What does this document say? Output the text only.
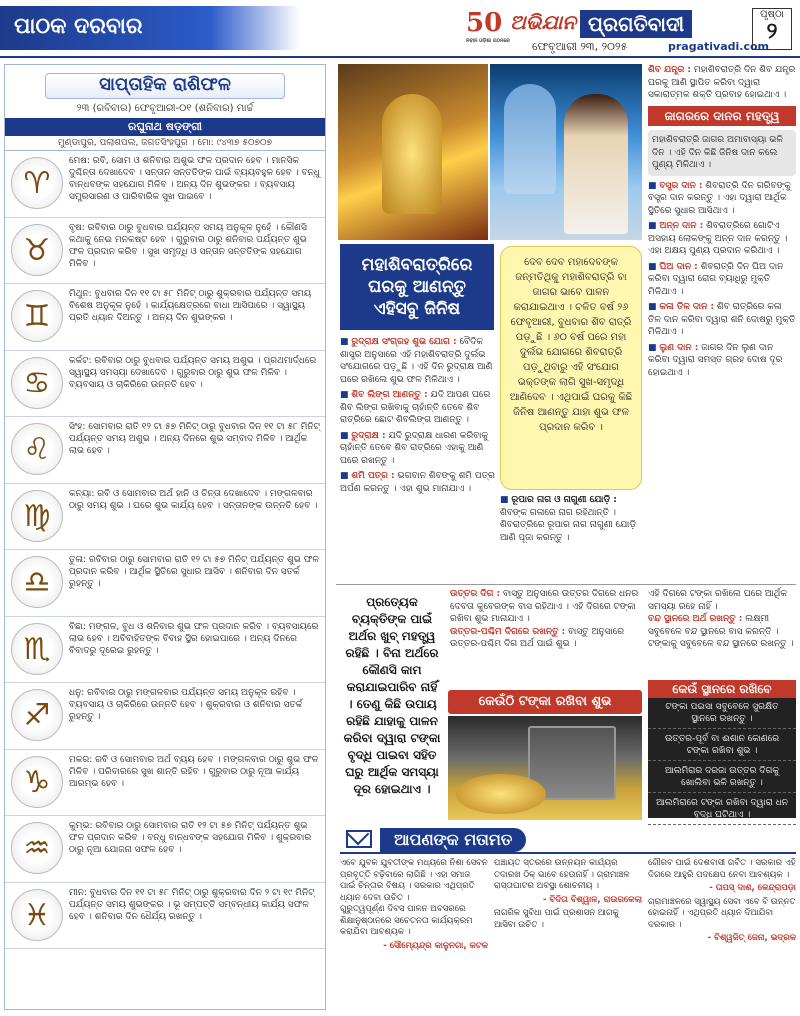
ପାଠକ ଦରବାର	50
ନବୀନ ଓଡ଼ିଶା ଗଠନରେ
ଅଭିଯାନ ପ୍ରଗତିବାଦୀ
ଫେବୃଆରୀ ୨୩, ୨୦୨୫	pragativadi.com
ପୃଷ୍ଠା
୨
ସାପ୍ତାହିକ ରାଶିଫଳ
୨୩ (ରବିବାର) ଫେବୃଆରୀ-୦୧ (ଶନିବାର) ମାର୍ଚ୍ଚ
ରଘୁନାଥ ଷଡ଼ଙ୍ଗୀ
ମୁଣ୍ଡାପୁର, ପଲାଶପଲ, ଜଗତସିଂହପୁର । ମୋ: ୯୪୩୭ ୫୦୭୦୭
♈
ମେଷ: ରବି, ସୋମ ଓ ଶନିବାର ଅଶୁଭ ଫଳ ପ୍ରଦାନ ହେବ । ମାନସିକ ଦୁଶ୍ଚିନ୍ତା ଦେଖାଦେବ । ସନ୍ତାନ ସନ୍ତତିଙ୍କ ପାଇଁ ବ୍ୟୟବହୁଳ ହେବ । ବନ୍ଧୁ ବାନ୍ଧବଙ୍କ ସହଯୋଗ ମିଳିବ । ଅନ୍ୟ ଦିନ ଶୁଭଙ୍କର । ବ୍ୟବସାୟ ସମ୍ପ୍ରସାରଣ ଓ ପାରିବାରିକ ସୁଖ ପାଇବେ ।
♉
ବୃଷ: ରବିବାର ଠାରୁ ବୁଧବାର ପର୍ଯ୍ୟନ୍ତ ସମୟ ଅନୁକୂଳ ନୁହେଁ । କୌଣସି କଥାକୁ ନେଇ ମନକଷ୍ଟ ହେବ । ଗୁରୁବାର ଠାରୁ ଶନିବାର ପର୍ଯ୍ୟନ୍ତ ଶୁଭ ଫଳ ପ୍ରଦାନ କରିବ । ସୁଖ ସମୃଦ୍ଧି ଓ ସନ୍ତାନ ସନ୍ତତିଙ୍କ ସହଯୋଗ ମିଳିବ ।
♊
ମିଥୁନ: ବୁଧବାର ଦିନ ୧୧ ଟା ୫୮ ମିନିଟ୍ ଠାରୁ ଶୁକ୍ରବାର ପର୍ଯ୍ୟନ୍ତ ସମୟ ବିଶେଷ ଅନୁକୂଳ ନୁହେଁ । କାର୍ଯ୍ୟକ୍ଷେତ୍ରରେ ବାଧା ଆସିପାରେ । ସ୍ୱାସ୍ଥ୍ୟ ପ୍ରତି ଧ୍ୟାନ ଦିଅନ୍ତୁ । ଅନ୍ୟ ଦିନ ଶୁଭଙ୍କର ।
♋
କର୍କଟ: ରବିବାର ଠାରୁ ବୁଧବାର ପର୍ଯ୍ୟନ୍ତ ସମୟ ଅଶୁଭ । ପ୍ରଥମାର୍ଦ୍ଧରେ ସ୍ୱାସ୍ଥ୍ୟ ସମସ୍ୟା ଦେଖାଦେବ । ଗୁରୁବାର ଠାରୁ ଶୁଭ ଫଳ ମିଳିବ । ବ୍ୟବସାୟ ଓ ଚାକିରିରେ ଉନ୍ନତି ହେବ ।
♌
ସିଂହ: ସୋମବାର ରାତି ୧୨ ଟା ୫୭ ମିନିଟ୍ ଠାରୁ ବୁଧବାର ଦିନ ୧୧ ଟା ୫୮ ମିନିଟ୍ ପର୍ଯ୍ୟନ୍ତ ସମୟ ଅଶୁଭ । ଅନ୍ୟ ଦିନରେ ଶୁଭ ସମ୍ବାଦ ମିଳିବ । ଆର୍ଥିକ ଲାଭ ହେବ ।
♍
କନ୍ୟା: ରବି ଓ ସୋମବାର ଅର୍ଥ ହାନି ଓ ଚିନ୍ତା ଦେଖାଦେବ । ମଙ୍ଗଳବାର ଠାରୁ ସମୟ ଶୁଭ । ଘରେ ଶୁଭ କାର୍ଯ୍ୟ ହେବ । ସନ୍ତାନଙ୍କ ଉନ୍ନତି ହେବ ।
♎
ତୁଳା: ରବିବାର ଠାରୁ ସୋମବାର ରାତି ୧୨ ଟା ୫୭ ମିନିଟ୍ ପର୍ଯ୍ୟନ୍ତ ଶୁଭ ଫଳ ପ୍ରଦାନ କରିବ । ଆର୍ଥିକ ସ୍ଥିତିରେ ସୁଧାର ଆସିବ । ଶନିବାର ଦିନ ସତର୍କ ରୁହନ୍ତୁ ।
♏
ବିଛା: ମଙ୍ଗଳ, ବୁଧ ଓ ଶନିବାର ଶୁଭ ଫଳ ପ୍ରଦାନ କରିବ । ବ୍ୟବସାୟରେ ଲାଭ ହେବ । ଅବିବାହିତଙ୍କ ବିବାହ ସ୍ଥିର ହୋଇପାରେ । ଅନ୍ୟ ଦିନରେ ବିବାଦରୁ ଦୂରେଇ ରୁହନ୍ତୁ ।
♐
ଧନୁ: ରବିବାର ଠାରୁ ମଙ୍ଗଳବାର ପର୍ଯ୍ୟନ୍ତ ସମୟ ଅନୁକୂଳ ରହିବ । ବ୍ୟବସାୟ ଓ ଚାକିରିରେ ଉନ୍ନତି ହେବ । ଶୁକ୍ରବାର ଓ ଶନିବାର ସତର୍କ ରୁହନ୍ତୁ ।
♑
ମକର: ରବି ଓ ସୋମବାର ଅର୍ଥ ବ୍ୟୟ ହେବ । ମଙ୍ଗଳବାର ଠାରୁ ଶୁଭ ଫଳ ମିଳିବ । ପରିବାରରେ ସୁଖ ଶାନ୍ତି ରହିବ । ଗୁରୁବାର ଠାରୁ ନୂଆ କାର୍ଯ୍ୟ ଆରମ୍ଭ ହେବ ।
♒
କୁମ୍ଭ: ରବିବାର ଠାରୁ ସୋମବାର ରାତି ୧୨ ଟା ୫୭ ମିନିଟ୍ ପର୍ଯ୍ୟନ୍ତ ଶୁଭ ଫଳ ପ୍ରଦାନ କରିବ । ବନ୍ଧୁ ବାନ୍ଧବଙ୍କ ସହଯୋଗ ମିଳିବ । ଶୁକ୍ରବାର ଠାରୁ ନୂଆ ଯୋଜନା ସଫଳ ହେବ ।
♓
ମୀନ: ବୁଧବାର ଦିନ ୧୧ ଟା ୫୮ ମିନିଟ୍ ଠାରୁ ଶୁକ୍ରବାର ଦିନ ୨ ଟା ୧୯ ମିନିଟ୍ ପର୍ଯ୍ୟନ୍ତ ସମୟ ଶୁଭଙ୍କର । ଭୂ ସମ୍ପତ୍ତି ସମ୍ବନ୍ଧୀୟ କାର୍ଯ୍ୟ ସଫଳ ହେବ । ଶନିବାର ଦିନ ଧୈର୍ଯ୍ୟ ରଖନ୍ତୁ ।
ମହାଶିବରାତ୍ରିରେ ଘରକୁ ଆଣନ୍ତୁ ଏହିସବୁ ଜିନିଷ
ଦେବ ଦେବ ମହାଦେବଙ୍କ ଜନ୍ମତିଥିକୁ ମହାଶିବରାତ୍ରି ବା ଜାଗର ଭାବେ ପାଳନ କରାଯାଇଥାଏ । ଚଳିତ ବର୍ଷ ୨୬ ଫେବୃଆରୀ, ବୁଧବାର ଶିବ ରାତ୍ରି ପଡ଼ୁଛି । ୬୦ ବର୍ଷ ପରେ ମହା ଦୁର୍ଲଭ ଯୋଗରେ ଶିବରାତ୍ରି ପଡ଼ୁଥିବାରୁ ଏହି ସଂଯୋଗ ଭକ୍ତଙ୍କ ଲାଗି ସୁଖ-ସମୃଦ୍ଧି ଆଣିଦେବ । ଏଥିପାଇଁ ଘରକୁ କିଛି ଜିନିଷ ଆଣନ୍ତୁ ଯାହା ଶୁଭ ଫଳ ପ୍ରଦାନ କରିବ ।

■ ରୁଦ୍ରାକ୍ଷ ସଂଗ୍ରହ ଶୁଭ ଯୋଗ : ବୈଦିକ ଶାସ୍ତ୍ର ଅନୁସାରେ ଏହି ମହାଶିବରାତ୍ରି ଦୁର୍ଲଭ ସଂଯୋଗରେ ପଡ଼ୁଛି । ଏହି ଦିନ ରୁଦ୍ରାକ୍ଷ ଆଣି ଘରେ ରଖିଲେ ଶୁଭ ଫଳ ମିଳିଥାଏ ।

■ ଶିବ ଲିଙ୍ଗ ଆଣନ୍ତୁ : ଯଦି ଆପଣ ଘରେ ଶିବ ଲିଙ୍ଗ ରଖିବାକୁ ଚାହାଁନ୍ତି ତେବେ ଶିବ ରାତ୍ରିରେ ଛୋଟ ଶିବଲିଙ୍ଗ ଆଣନ୍ତୁ ।

■ ରୁଦ୍ରାକ୍ଷ : ଯଦି ରୁଦ୍ରାକ୍ଷ ଧାରଣ କରିବାକୁ ଚାହାଁନ୍ତି ତେବେ ଶିବ ରାତ୍ରିରେ ଏହାକୁ ଆଣି ଘରେ ରଖନ୍ତୁ ।

■ ଶମି ପତ୍ର : ଭଗବାନ ଶିବଙ୍କୁ ଶମି ପତ୍ର ଅର୍ପଣ କରନ୍ତୁ । ଏହା ଶୁଭ ମାନାଯାଏ ।

■ ରୂପାର ନାଗ ଓ ନାଗୁଣୀ ଯୋଡ଼ି : ଶିବଙ୍କ ଗଳାରେ ନାଗ ରହିଥାନ୍ତି । ଶିବରାତ୍ରିରେ ରୂପାର ନାଗ ନାଗୁଣୀ ଯୋଡ଼ି ଆଣି ପୂଜା କରନ୍ତୁ ।

ଶିବ ଯନ୍ତ୍ର : ମହାଶିବରାତ୍ରି ଦିନ ଶିବ ଯନ୍ତ୍ର ଘରକୁ ଆଣି ସ୍ଥାପିତ କରିବା ଦ୍ୱାରା ସକାରାତ୍ମକ ଶକ୍ତି ପ୍ରବାହ ହୋଇଥାଏ ।

ଜାଗରରେ ଦାନର ମହତ୍ତ୍ୱ
ମହାଶିବରାତ୍ରି ଜାଗର ଅମାବାସ୍ୟା ଭଳି ଦିନ । ଏହି ଦିନ କିଛି ଜିନିଷ ଦାନ କଲେ ପୁଣ୍ୟ ମିଳିଥାଏ ।

■ ବସ୍ତ୍ର ଦାନ : ଶିବରାତ୍ରି ଦିନ ଗରିବଙ୍କୁ ବସ୍ତ୍ର ଦାନ କରନ୍ତୁ । ଏହା ଦ୍ୱାରା ଆର୍ଥିକ ସ୍ଥିତିରେ ସୁଧାର ଆସିଥାଏ ।

■ ଅନ୍ନ ଦାନ : ଶିବରାତ୍ରିରେ ଗୋଟିଏ ଅସହାୟ ଲୋକଙ୍କୁ ଅନ୍ନ ଦାନ କରନ୍ତୁ । ଏହା ଅକ୍ଷୟ ପୁଣ୍ୟ ପ୍ରଦାନ କରିଥାଏ ।

■ ଘିଅ ଦାନ : ଶିବରାତ୍ରି ଦିନ ଘିଅ ଦାନ କରିବା ଦ୍ୱାରା ରୋଗ ବ୍ୟାଧିରୁ ମୁକ୍ତି ମିଳିଥାଏ ।

■ କଳା ତିଳ ଦାନ : ଶିବ ରାତ୍ରିରେ କଳା ତିଳ ଦାନ କରିବା ଦ୍ୱାରା ଶନି ଦୋଷରୁ ମୁକ୍ତି ମିଳିଥାଏ ।

■ ଲୁଣ ଦାନ : ଜାଗର ଦିନ ଲୁଣ ଦାନ କରିବା ଦ୍ୱାରା ସମସ୍ତ ଗ୍ରହ ଦୋଷ ଦୂର ହୋଇଥାଏ ।

ପ୍ରତ୍ୟେକ ବ୍ୟକ୍ତିଙ୍କ ପାଇଁ ଅର୍ଥର ଖୁବ୍ ମହତ୍ତ୍ୱ ରହିଛି । ବିନା ଅର୍ଥରେ କୌଣସି କାମ କରାଯାଇପାରିବ ନାହିଁ । ତେଣୁ କିଛି ଉପାୟ ରହିଛି ଯାହାକୁ ପାଳନ କରିବା ଦ୍ୱାରା ଟଙ୍କା ବୃଦ୍ଧି ପାଇବା ସହିତ ଘରୁ ଆର୍ଥିକ ସମସ୍ୟା ଦୂର ହୋଇଥାଏ ।

ଉତ୍ତର ଦିଗ : ବାସ୍ତୁ ଅନୁସାରେ ଉତ୍ତର ଦିଗରେ ଧନର ଦେବତା କୁବେରଙ୍କ ବାସ ରହିଥାଏ । ଏହି ଦିଗରେ ଟଙ୍କା ରଖିବା ଶୁଭ ମାନାଯାଏ ।

ଉତ୍ତର-ପଶ୍ଚିମ ଦିଗରେ ରଖନ୍ତୁ : ବାସ୍ତୁ ଅନୁସାରେ ଉତ୍ତର-ପଶ୍ଚିମ ଦିଗ ଅର୍ଥ ପାଇଁ ଶୁଭ ।

କେଉଁଠି ଟଙ୍କା ରଖିବା ଶୁଭ

ଏହି ଦିଗରେ ଟଙ୍କା ରଖିଲେ ଘରେ ଆର୍ଥିକ ସମସ୍ୟା ରହେ ନାହିଁ ।

ବନ୍ଦ ସ୍ଥାନରେ ଅର୍ଥ ରଖନ୍ତୁ : ଲକ୍ଷ୍ମୀ ସବୁବେଳେ ବନ୍ଦ ସ୍ଥାନରେ ବାସ କରନ୍ତି । ଟଙ୍କାକୁ ସବୁବେଳେ ବନ୍ଦ ସ୍ଥାନରେ ରଖନ୍ତୁ ।

କେଉଁ ସ୍ଥାନରେ ରଖିବେ

ଟଙ୍କା ପଇସା ସବୁବେଳେ ସୁରକ୍ଷିତ ସ୍ଥାନରେ ରଖନ୍ତୁ ।

ଉତ୍ତର-ପୂର୍ବ ବା ଈଶାନ କୋଣରେ ଟଙ୍କା ରଖିବା ଶୁଭ ।

ଆଲମିରାର ଦରଜା ଉତ୍ତର ଦିଗକୁ ଖୋଲିବା ଭଳି ରଖନ୍ତୁ ।

ଆଲମିରାରେ ଟଙ୍କା ରଖିବା ଦ୍ୱାରା ଧନ ବୃଦ୍ଧି ଘଟିଥାଏ ।

ଆପଣଙ୍କ ମତାମତ

ଏବେ ଯୁବକ ଯୁବତୀଙ୍କ ମଧ୍ୟରେ ନିଶା ସେବନ ପ୍ରବୃତ୍ତି ବଢ଼ିବାରେ ଲାଗିଛି । ଏହା ସମାଜ ପାଇଁ ଚିନ୍ତାର ବିଷୟ । ସରକାର ଏଥିପ୍ରତି ଧ୍ୟାନ ଦେବା ଉଚିତ ।

ଗୁରୁତ୍ୱପୂର୍ଣ୍ଣ ଦିବସ ପାଳନ ଅବସରରେ ଶିକ୍ଷାନୁଷ୍ଠାନରେ ସଚେତନତା କାର୍ଯ୍ୟକ୍ରମ କରାଯିବା ଆବଶ୍ୟକ ।

- ସୌମ୍ୟେନ୍ଦ୍ର କାଳୁନଗା, କଟକ

ପଞ୍ଚାୟତ ସ୍ତରରେ ଉନ୍ନୟନ କାର୍ଯ୍ୟର ତଦାରଖ ଠିକ୍ ଭାବେ ହେଉନାହିଁ । ଗ୍ରାମାଞ୍ଚଳ ରାସ୍ତାଘାଟର ଅବସ୍ଥା ଶୋଚନୀୟ ।

- ବିଦିତା ବିଶ୍ୱାଳ, ରାଉରକେଲା

ନାଗରିକ ସୁବିଧା ପାଇଁ ପ୍ରଶାସନ ଆଗକୁ ଆସିବା ଉଚିତ ।

ଗୌରବ ପାଇଁ ଦେଶବାସୀ ଗର୍ବିତ । ସରକାର ଏହି ଦିଗରେ ଆହୁରି ପଦକ୍ଷେପ ନେବା ଆବଶ୍ୟକ ।

- ତାପସ୍ ଦାଶ, କେନ୍ଦ୍ରାପଡ଼ା

ଗ୍ରାମାଞ୍ଚଳରେ ସ୍ୱାସ୍ଥ୍ୟ ସେବା ଏବେ ବି ଉନ୍ନତ ହୋଇନାହିଁ । ଏଥିପ୍ରତି ଧ୍ୟାନ ଦିଆଯିବା ଦରକାର ।

- ବିଶ୍ୱଜିତ୍ ଜେନା, ଭଦ୍ରକ
